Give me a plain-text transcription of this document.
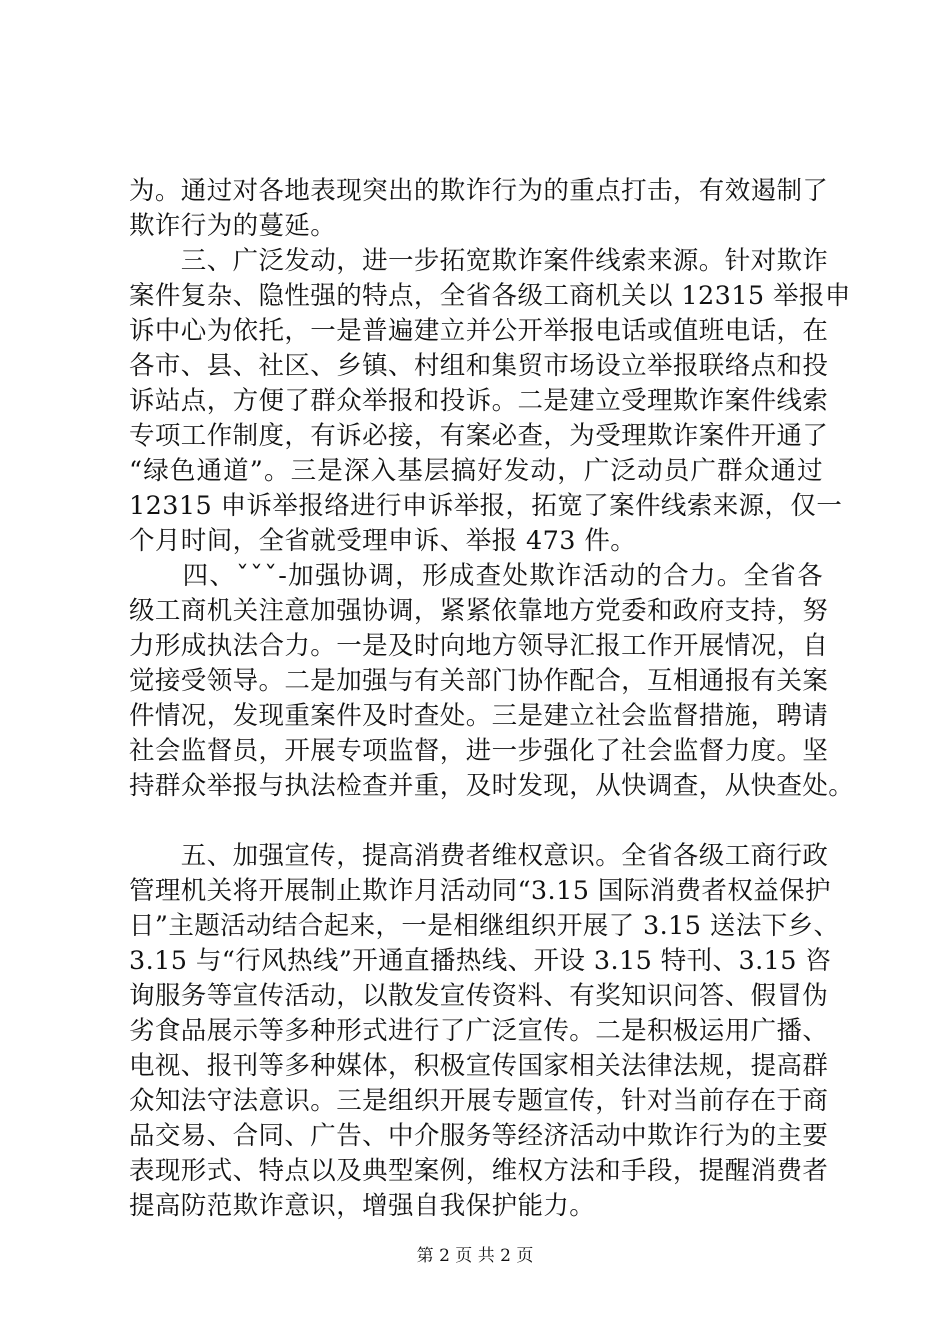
为。通过对各地表现突出的欺诈行为的重点打击，有效遏制了
欺诈行为的蔓延。
　　三、广泛发动，进一步拓宽欺诈案件线索来源。针对欺诈
案件复杂、隐性强的特点，全省各级工商机关以 12315 举报申
诉中心为依托，一是普遍建立并公开举报电话或值班电话，在
各市、县、社区、乡镇、村组和集贸市场设立举报联络点和投
诉站点，方便了群众举报和投诉。二是建立受理欺诈案件线索
专项工作制度，有诉必接，有案必查，为受理欺诈案件开通了
“绿色通道”。三是深入基层搞好发动，广泛动员广群众通过
12315 申诉举报络进行申诉举报，拓宽了案件线索来源，仅一
个月时间，全省就受理申诉、举报 473 件。
　　四、ˇˇˇ-加强协调，形成查处欺诈活动的合力。全省各
级工商机关注意加强协调，紧紧依靠地方党委和政府支持，努
力形成执法合力。一是及时向地方领导汇报工作开展情况，自
觉接受领导。二是加强与有关部门协作配合，互相通报有关案
件情况，发现重案件及时查处。三是建立社会监督措施，聘请
社会监督员，开展专项监督，进一步强化了社会监督力度。坚
持群众举报与执法检查并重，及时发现，从快调查，从快查处。
　　五、加强宣传，提高消费者维权意识。全省各级工商行政
管理机关将开展制止欺诈月活动同“3.15 国际消费者权益保护
日”主题活动结合起来，一是相继组织开展了 3.15 送法下乡、
3.15 与“行风热线”开通直播热线、开设 3.15 特刊、3.15 咨
询服务等宣传活动，以散发宣传资料、有奖知识问答、假冒伪
劣食品展示等多种形式进行了广泛宣传。二是积极运用广播、
电视、报刊等多种媒体，积极宣传国家相关法律法规，提高群
众知法守法意识。三是组织开展专题宣传，针对当前存在于商
品交易、合同、广告、中介服务等经济活动中欺诈行为的主要
表现形式、特点以及典型案例，维权方法和手段，提醒消费者
提高防范欺诈意识，增强自我保护能力。
第 2 页 共 2 页
